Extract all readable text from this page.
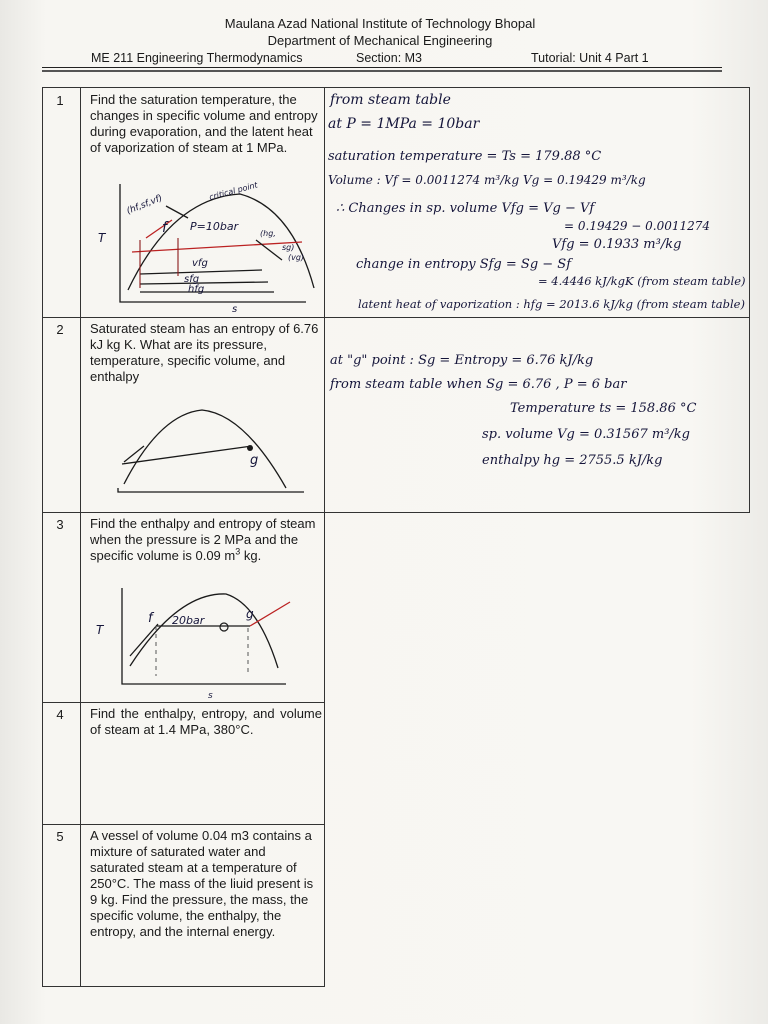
Maulana Azad National Institute of Technology Bhopal
Department of Mechanical Engineering
ME 211 Engineering Thermodynamics	Section: M3	Tutorial: Unit 4 Part 1
1	Find the saturation temperature, the changes in specific volume and entropy during evaporation, and the latent heat of vaporization of steam at 1 MPa.
T
s
f P=10bar
(hf,sf,vf)
critical point
(hg,
sg)
(vg)
vfg
sfg
hfg
from steam table
at P = 1MPa = 10bar
saturation temperature = Ts = 179.88 °C
Volume : Vf = 0.0011274 m³/kg Vg = 0.19429 m³/kg
∴ Changes in sp. volume Vfg = Vg − Vf
= 0.19429 − 0.0011274
Vfg = 0.1933 m³/kg
change in entropy Sfg = Sg − Sf
= 4.4446 kJ/kgK (from steam table)
latent heat of vaporization : hfg = 2013.6 kJ/kg (from steam table)
2	Saturated steam has an entropy of 6.76 kJ kg K. What are its pressure, temperature, specific volume, and enthalpy
g
at "g" point : Sg = Entropy = 6.76 kJ/kg
from steam table when Sg = 6.76 , P = 6 bar
Temperature ts = 158.86 °C
sp. volume Vg = 0.31567 m³/kg
enthalpy hg = 2755.5 kJ/kg
3	Find the enthalpy and entropy of steam when the pressure is 2 MPa and the specific volume is 0.09 $m^3$ kg.
T
s
f 20bar	g
4	Find the enthalpy, entropy, and volume of steam at 1.4 MPa, 380°C.
5	A vessel of volume 0.04 m3 contains a mixture of saturated water and saturated steam at a temperature of 250°C. The mass of the liuid present is 9 kg. Find the pressure, the mass, the specific volume, the enthalpy, the entropy, and the internal energy.
